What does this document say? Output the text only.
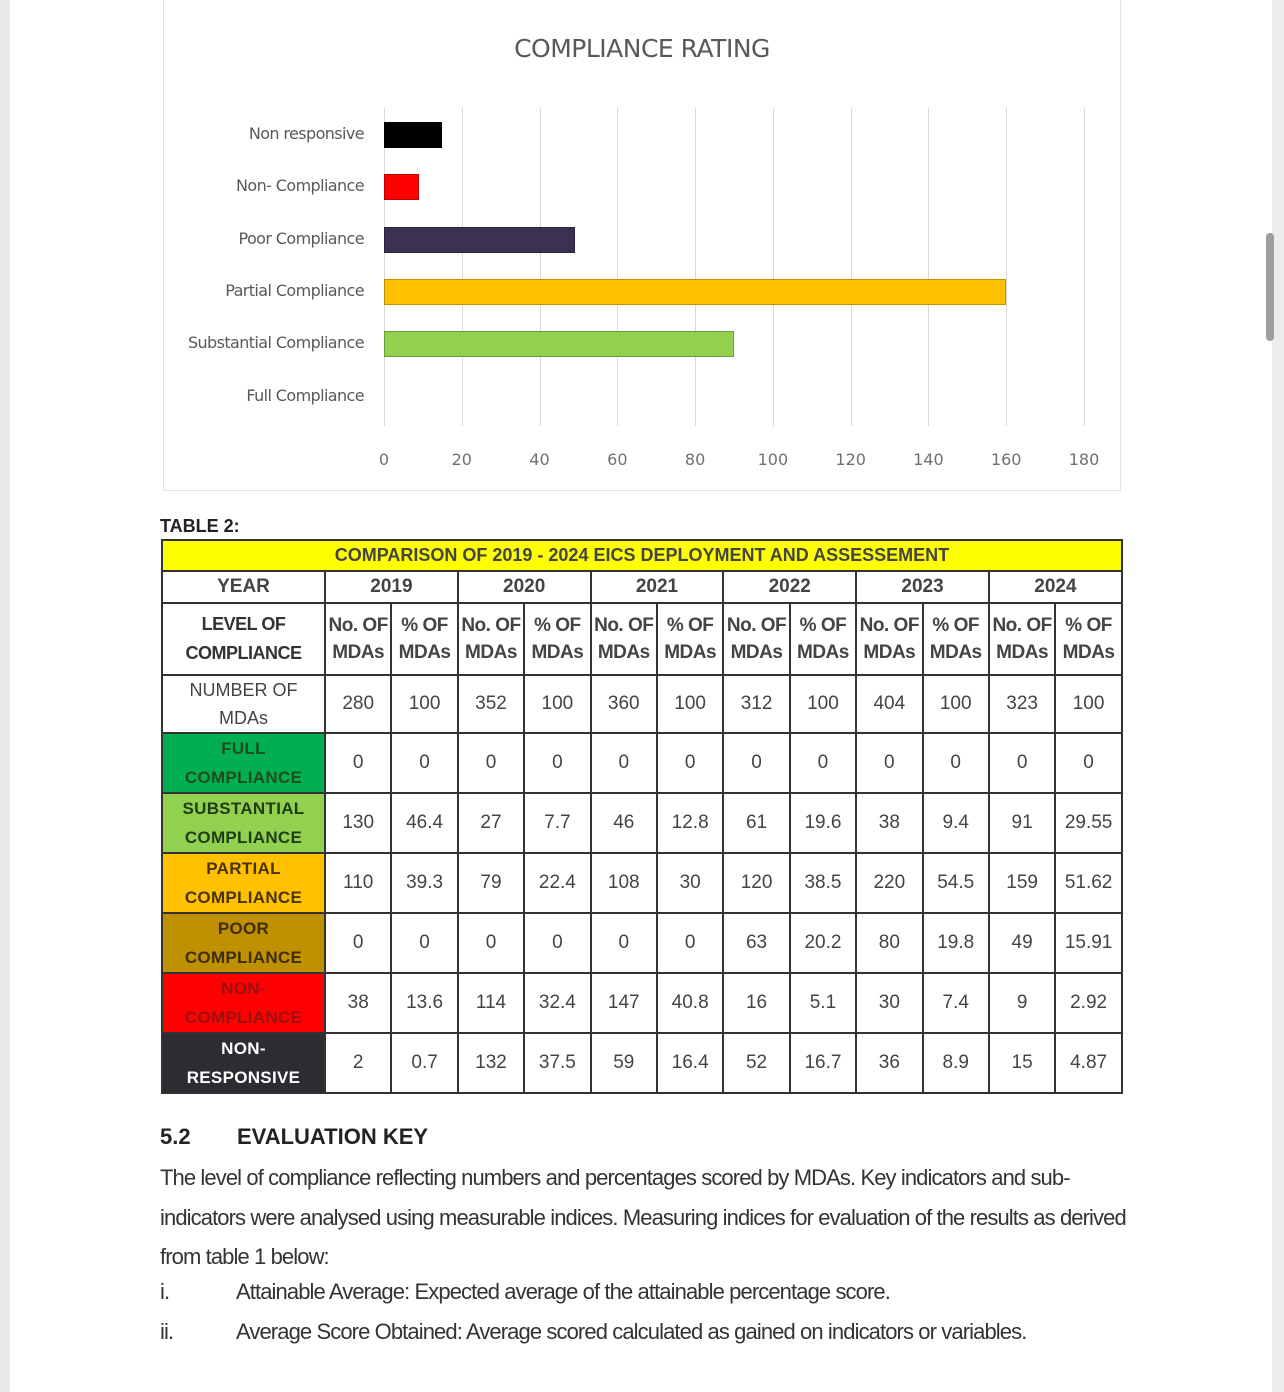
COMPLIANCE RATING
Non responsive
Non- Compliance
Poor Compliance
Partial Compliance
Substantial Compliance
Full Compliance
0	20	40	60	80	100	120	140	160	180
TABLE 2:
COMPARISON OF 2019 - 2024 EICS DEPLOYMENT AND ASSESSEMENT												
YEAR	2019		2020		2021		2022		2023		2024	
LEVEL OF COMPLIANCE	No. OF MDAs	% OF MDAs	No. OF MDAs	% OF MDAs	No. OF MDAs	% OF MDAs	No. OF MDAs	% OF MDAs	No. OF MDAs	% OF MDAs	No. OF MDAs	% OF MDAs
NUMBER OF MDAs	280	100	352	100	360	100	312	100	404	100	323	100
FULL COMPLIANCE	0	0	0	0	0	0	0	0	0	0	0	0
SUBSTANTIAL COMPLIANCE	130	46.4	27	7.7	46	12.8	61	19.6	38	9.4	91	29.55
PARTIAL COMPLIANCE	110	39.3	79	22.4	108	30	120	38.5	220	54.5	159	51.62
POOR COMPLIANCE	0	0	0	0	0	0	63	20.2	80	19.8	49	15.91
NON- COMPLIANCE	38	13.6	114	32.4	147	40.8	16	5.1	30	7.4	9	2.92
NON- RESPONSIVE	2	0.7	132	37.5	59	16.4	52	16.7	36	8.9	15	4.87
5.2 EVALUATION KEY
The level of compliance reflecting numbers and percentages scored by MDAs. Key indicators and sub- indicators were analysed using measurable indices. Measuring indices for evaluation of the results as derived from table 1 below:
i.	Attainable Average: Expected average of the attainable percentage score.
ii.	Average Score Obtained: Average scored calculated as gained on indicators or variables.
